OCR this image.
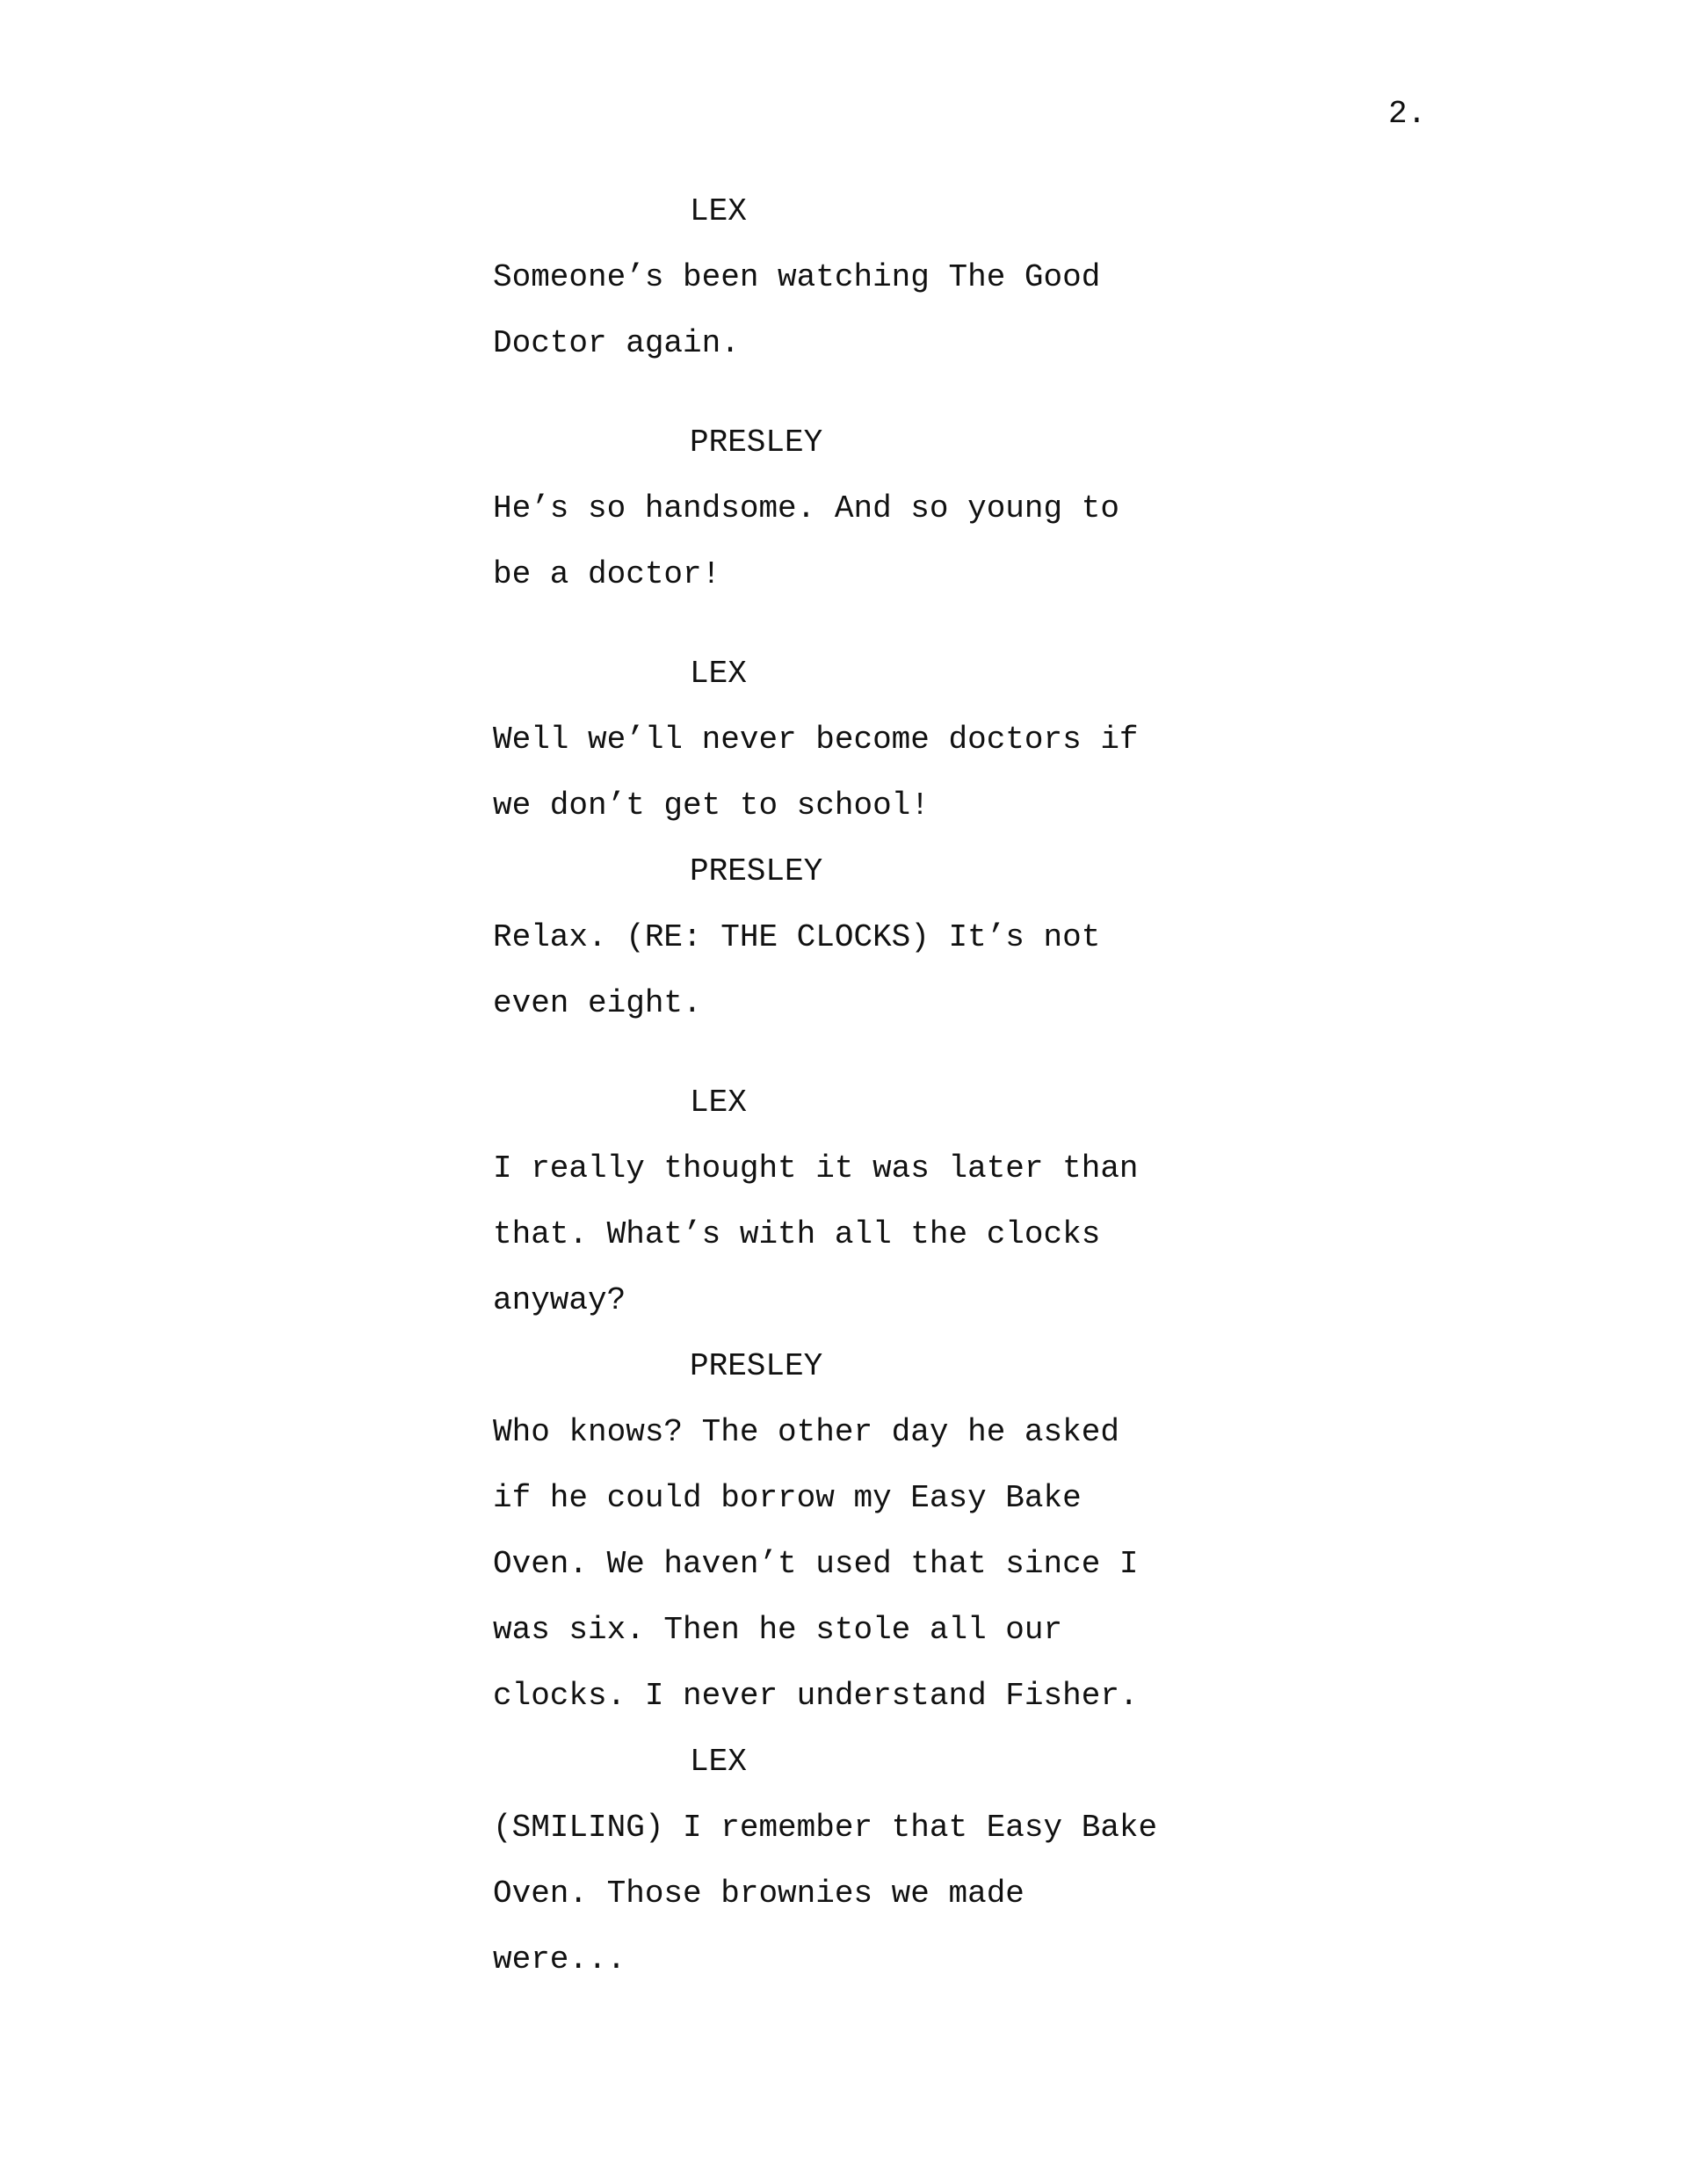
2.
LEX
Someone’s been watching The Good
Doctor again.
PRESLEY
He’s so handsome. And so young to
be a doctor!
LEX
Well we’ll never become doctors if
we don’t get to school!
PRESLEY
Relax. (RE: THE CLOCKS) It’s not
even eight.
LEX
I really thought it was later than
that. What’s with all the clocks
anyway?
PRESLEY
Who knows? The other day he asked
if he could borrow my Easy Bake
Oven. We haven’t used that since I
was six. Then he stole all our
clocks. I never understand Fisher.
LEX
(SMILING) I remember that Easy Bake
Oven. Those brownies we made
were...
